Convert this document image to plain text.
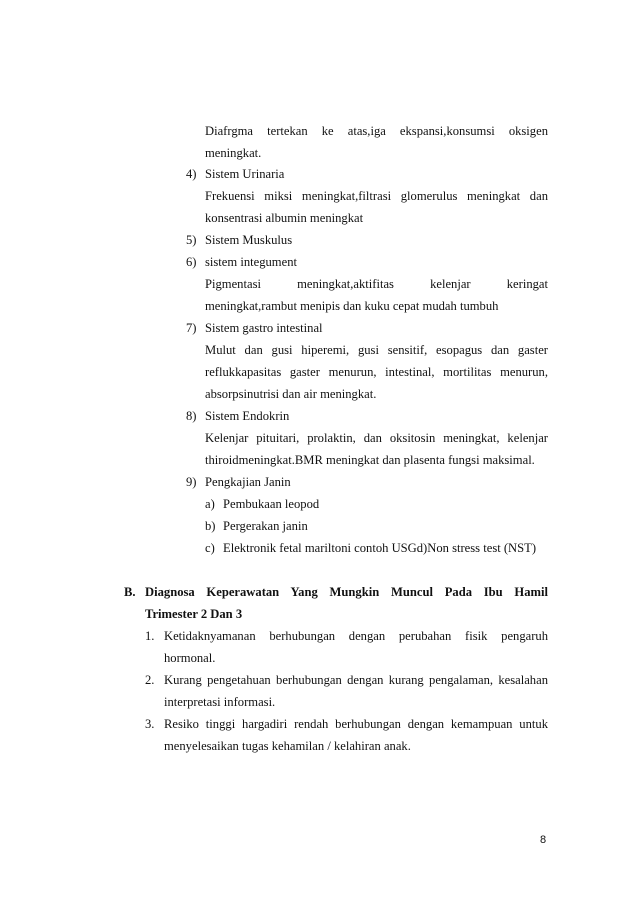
Diafrgma tertekan ke atas,iga ekspansi,konsumsi oksigen
meningkat.
4) Sistem Urinaria
Frekuensi miksi meningkat,filtrasi glomerulus meningkat dan
konsentrasi albumin meningkat
5) Sistem Muskulus
6) sistem integument
Pigmentasi meningkat,aktifitas kelenjar keringat
meningkat,rambut menipis dan kuku cepat mudah tumbuh
7) Sistem gastro intestinal
Mulut dan gusi hiperemi, gusi sensitif, esopagus dan gaster
reflukkapasitas gaster menurun, intestinal, mortilitas menurun,
absorpsinutrisi dan air meningkat.
8) Sistem Endokrin
Kelenjar pituitari, prolaktin, dan oksitosin meningkat, kelenjar
thiroidmeningkat.BMR meningkat dan plasenta fungsi maksimal.
9) Pengkajian Janin
a) Pembukaan leopod
b) Pergerakan janin
c) Elektronik fetal mariltoni contoh USGd)Non stress test (NST)
B. Diagnosa Keperawatan Yang Mungkin Muncul Pada Ibu Hamil
Trimester 2 Dan 3
1. Ketidaknyamanan berhubungan dengan perubahan fisik pengaruh
hormonal.
2. Kurang pengetahuan berhubungan dengan kurang pengalaman, kesalahan
interpretasi informasi.
3. Resiko tinggi hargadiri rendah berhubungan dengan kemampuan untuk
menyelesaikan tugas kehamilan / kelahiran anak.
8
